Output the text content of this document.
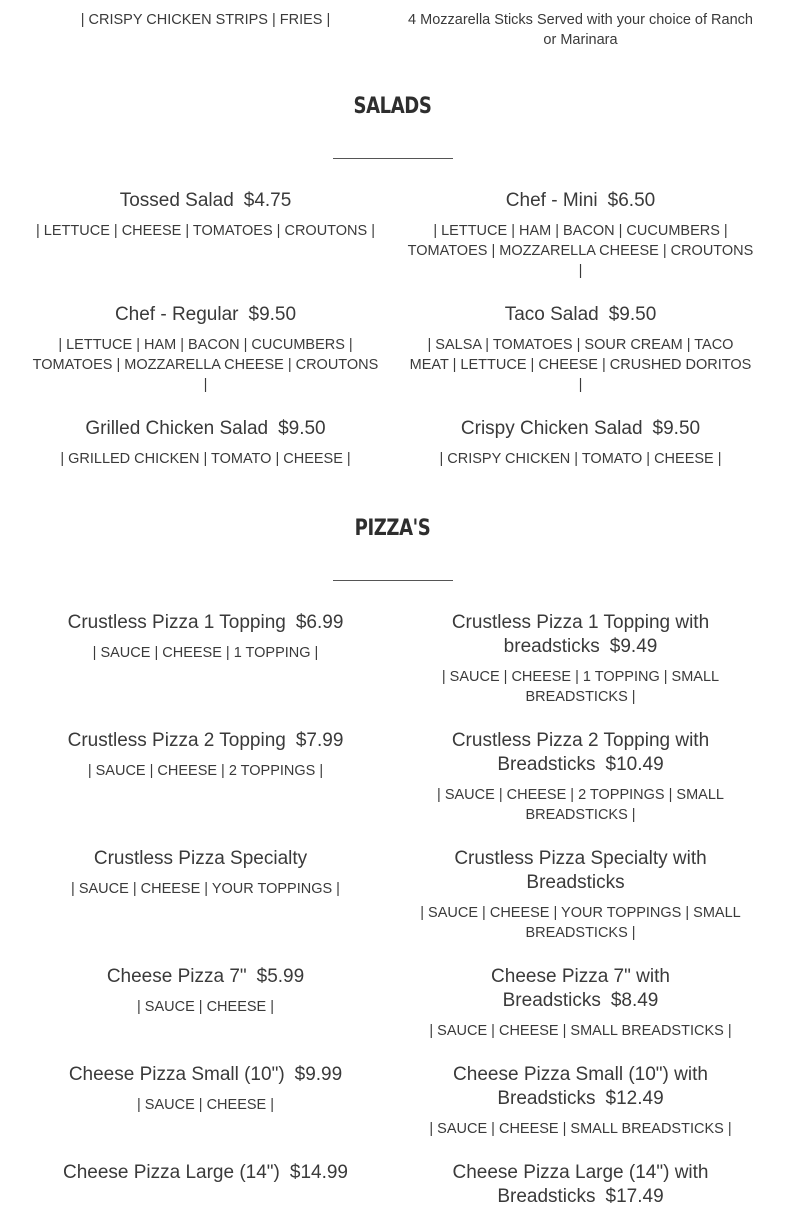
| CRISPY CHICKEN STRIPS | FRIES |	4 Mozzarella Sticks Served with your choice of Ranch or Marinara
SALADS
Tossed Salad $4.75
| LETTUCE | CHEESE | TOMATOES | CROUTONS |
Chef - Mini $6.50
| LETTUCE | HAM | BACON | CUCUMBERS | TOMATOES | MOZZARELLA CHEESE | CROUTONS |
Chef - Regular $9.50
| LETTUCE | HAM | BACON | CUCUMBERS | TOMATOES | MOZZARELLA CHEESE | CROUTONS |
Taco Salad $9.50
| SALSA | TOMATOES | SOUR CREAM | TACO MEAT | LETTUCE | CHEESE | CRUSHED DORITOS |
Grilled Chicken Salad $9.50
| GRILLED CHICKEN | TOMATO | CHEESE |
Crispy Chicken Salad $9.50
| CRISPY CHICKEN | TOMATO | CHEESE |
PIZZA'S
Crustless Pizza 1 Topping $6.99
| SAUCE | CHEESE | 1 TOPPING |
Crustless Pizza 1 Topping with breadsticks $9.49
| SAUCE | CHEESE | 1 TOPPING | SMALL BREADSTICKS |
Crustless Pizza 2 Topping $7.99
| SAUCE | CHEESE | 2 TOPPINGS |
Crustless Pizza 2 Topping with Breadsticks $10.49
| SAUCE | CHEESE | 2 TOPPINGS | SMALL BREADSTICKS |
Crustless Pizza Specialty
| SAUCE | CHEESE | YOUR TOPPINGS |
Crustless Pizza Specialty with Breadsticks
| SAUCE | CHEESE | YOUR TOPPINGS | SMALL BREADSTICKS |
Cheese Pizza 7" $5.99
| SAUCE | CHEESE |
Cheese Pizza 7" with Breadsticks $8.49
| SAUCE | CHEESE | SMALL BREADSTICKS |
Cheese Pizza Small (10") $9.99
| SAUCE | CHEESE |
Cheese Pizza Small (10") with Breadsticks $12.49
| SAUCE | CHEESE | SMALL BREADSTICKS |
Cheese Pizza Large (14") $14.99	Cheese Pizza Large (14") with Breadsticks $17.49
